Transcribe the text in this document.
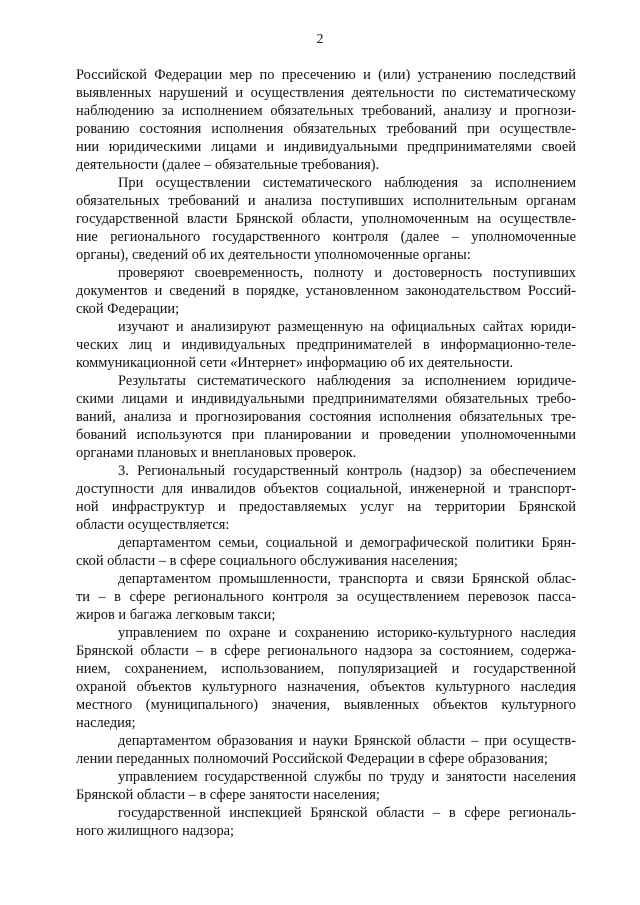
2
Российской Федерации мер по пресечению и (или) устранению последствий
выявленных нарушений и осуществления деятельности по систематическому
наблюдению за исполнением обязательных требований, анализу и прогнози-
рованию состояния исполнения обязательных требований при осуществле-
нии юридическими лицами и индивидуальными предпринимателями своей
деятельности (далее – обязательные требования).
При осуществлении систематического наблюдения за исполнением
обязательных требований и анализа поступивших исполнительным органам
государственной власти Брянской области, уполномоченным на осуществле-
ние регионального государственного контроля (далее – уполномоченные
органы), сведений об их деятельности уполномоченные органы:
проверяют своевременность, полноту и достоверность поступивших
документов и сведений в порядке, установленном законодательством Россий-
ской Федерации;
изучают и анализируют размещенную на официальных сайтах юриди-
ческих лиц и индивидуальных предпринимателей в информационно-теле-
коммуникационной сети «Интернет» информацию об их деятельности.
Результаты систематического наблюдения за исполнением юридиче-
скими лицами и индивидуальными предпринимателями обязательных требо-
ваний, анализа и прогнозирования состояния исполнения обязательных тре-
бований используются при планировании и проведении уполномоченными
органами плановых и внеплановых проверок.
3. Региональный государственный контроль (надзор) за обеспечением
доступности для инвалидов объектов социальной, инженерной и транспорт-
ной инфраструктур и предоставляемых услуг на территории Брянской
области осуществляется:
департаментом семьи, социальной и демографической политики Брян-
ской области – в сфере социального обслуживания населения;
департаментом промышленности, транспорта и связи Брянской облас-
ти – в сфере регионального контроля за осуществлением перевозок пасса-
жиров и багажа легковым такси;
управлением по охране и сохранению историко-культурного наследия
Брянской области – в сфере регионального надзора за состоянием, содержа-
нием, сохранением, использованием, популяризацией и государственной
охраной объектов культурного назначения, объектов культурного наследия
местного (муниципального) значения, выявленных объектов культурного
наследия;
департаментом образования и науки Брянской области – при осуществ-
лении переданных полномочий Российской Федерации в сфере образования;
управлением государственной службы по труду и занятости населения
Брянской области – в сфере занятости населения;
государственной инспекцией Брянской области – в сфере региональ-
ного жилищного надзора;
